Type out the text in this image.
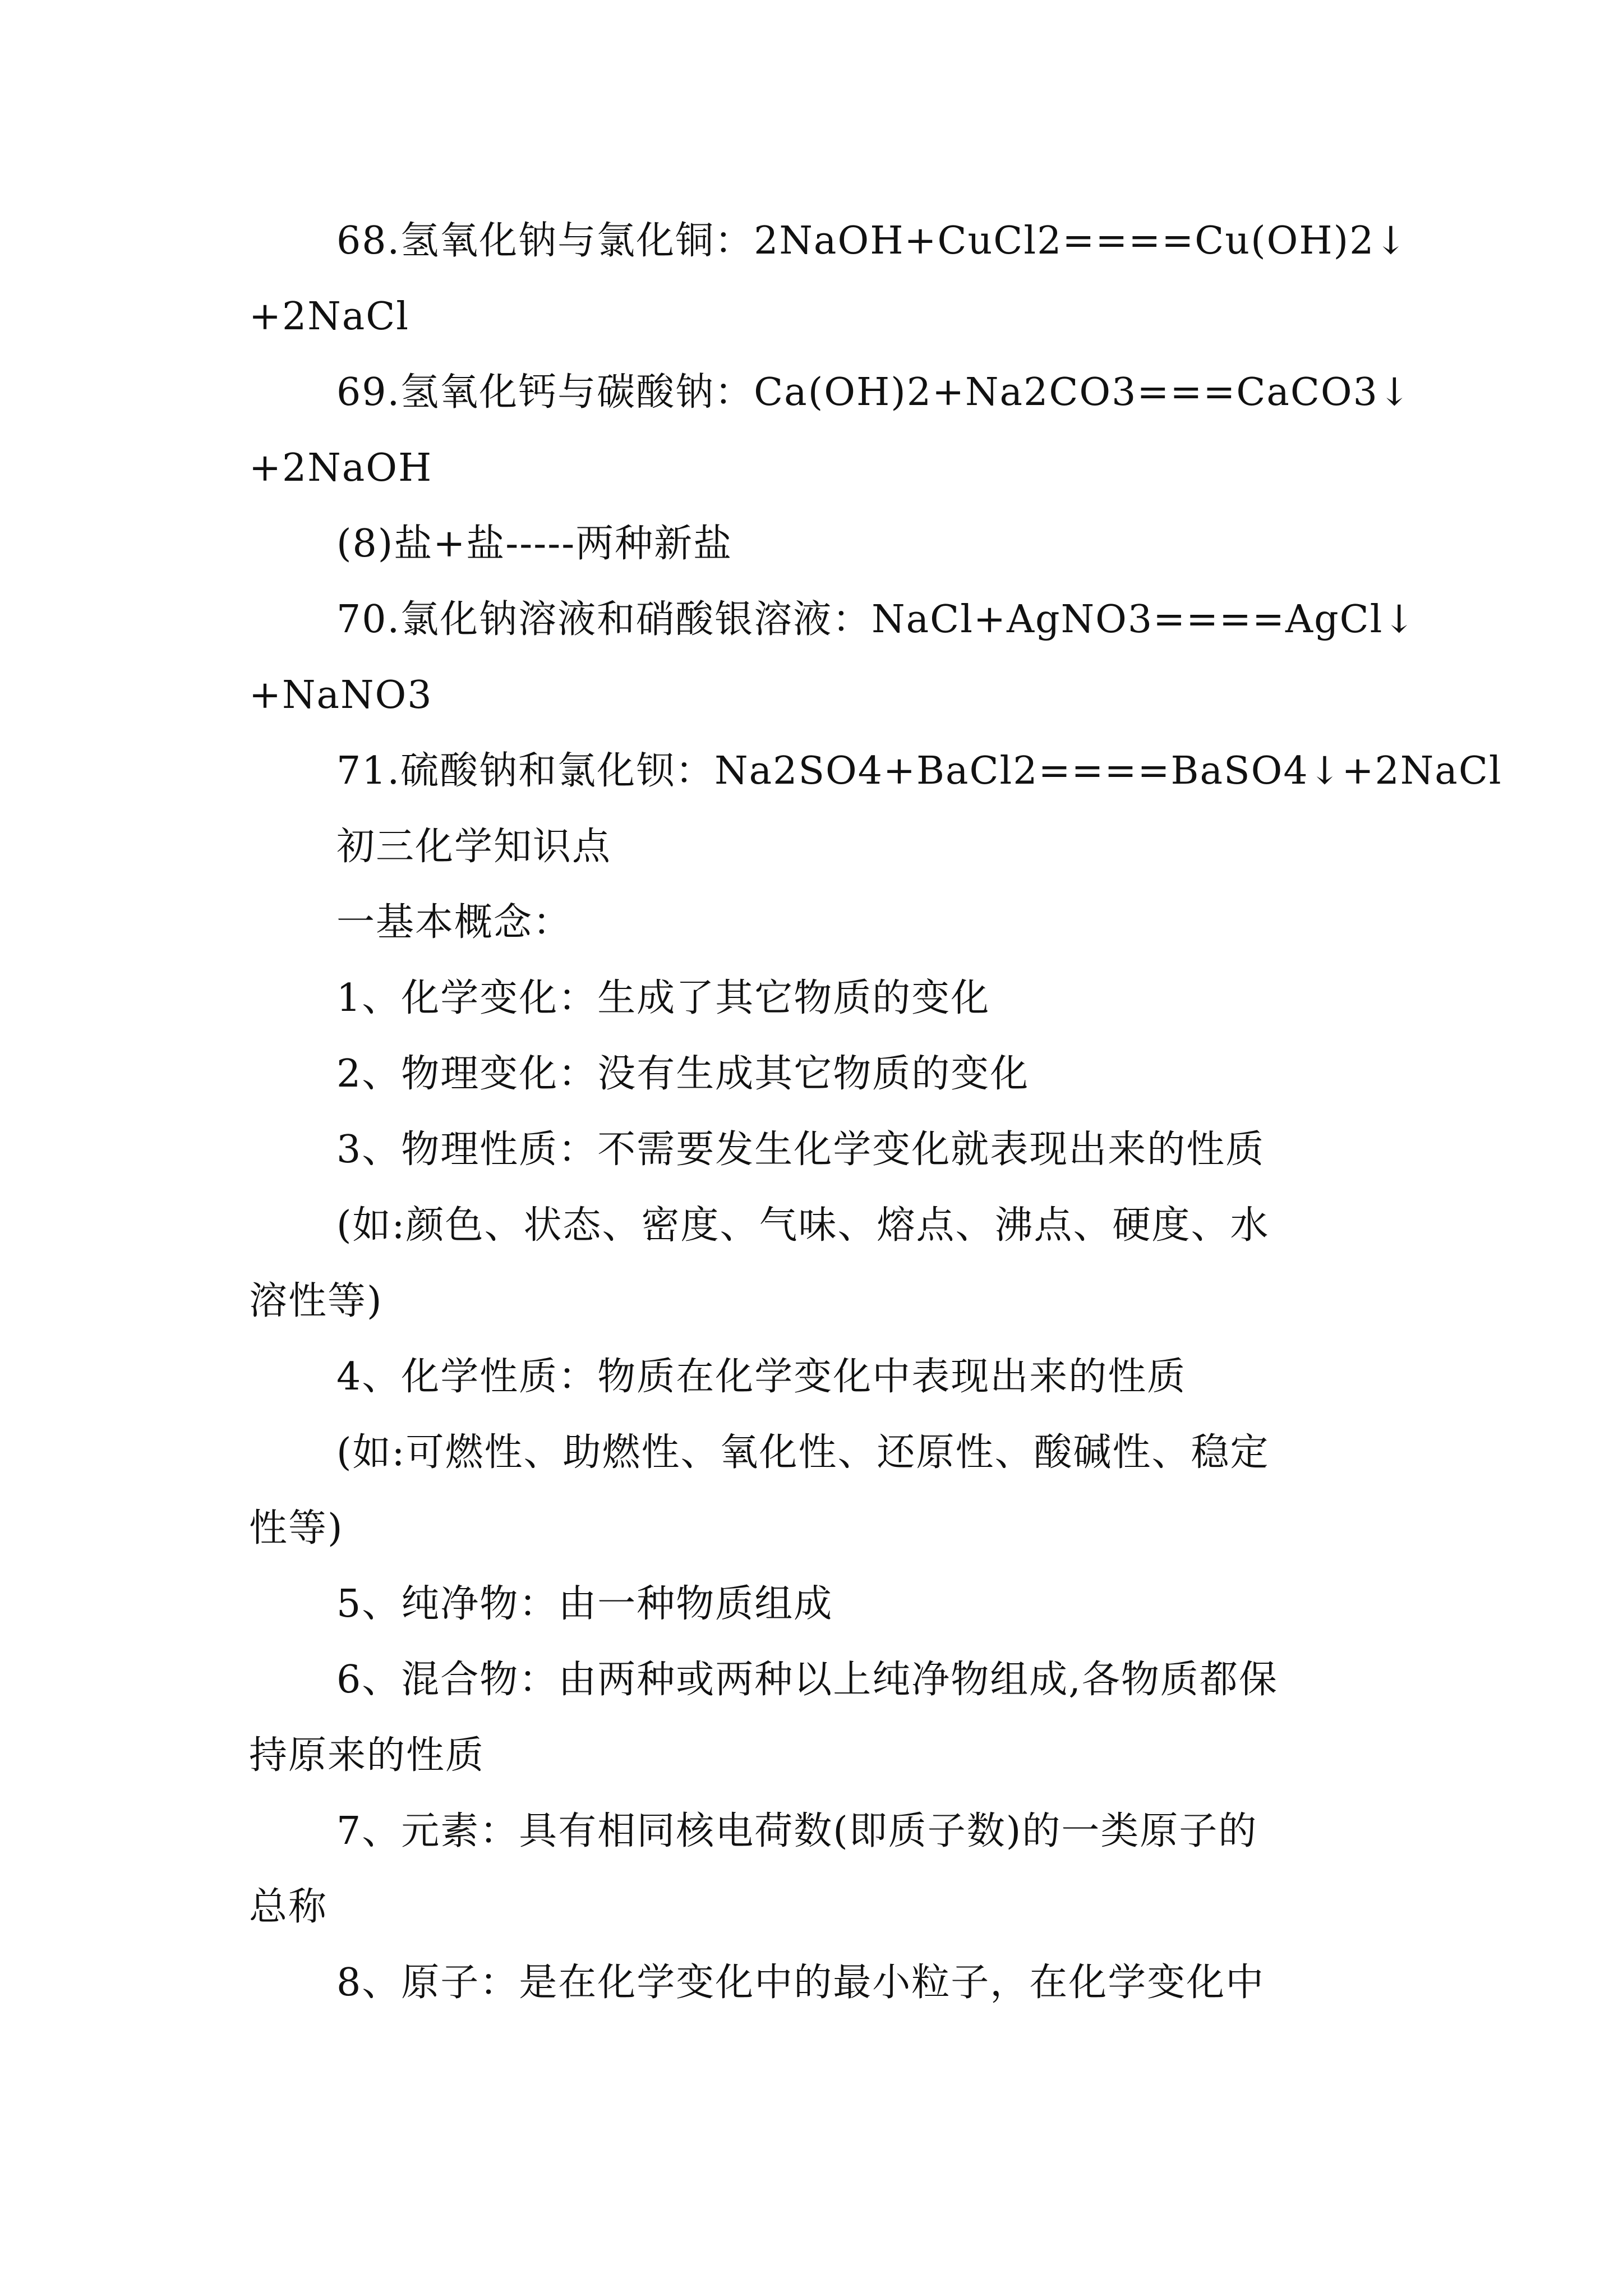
68.氢氧化钠与氯化铜：2NaOH+CuCl2====Cu(OH)2↓
+2NaCl
69.氢氧化钙与碳酸钠：Ca(OH)2+Na2CO3===CaCO3↓
+2NaOH
(8)盐+盐-----两种新盐
70.氯化钠溶液和硝酸银溶液：NaCl+AgNO3====AgCl↓
+NaNO3
71.硫酸钠和氯化钡：Na2SO4+BaCl2====BaSO4↓+2NaCl
初三化学知识点
一基本概念：
1、化学变化：生成了其它物质的变化
2、物理变化：没有生成其它物质的变化
3、物理性质：不需要发生化学变化就表现出来的性质
(如:颜色、状态、密度、气味、熔点、沸点、硬度、水
溶性等)
4、化学性质：物质在化学变化中表现出来的性质
(如:可燃性、助燃性、氧化性、还原性、酸碱性、稳定
性等)
5、纯净物：由一种物质组成
6、混合物：由两种或两种以上纯净物组成,各物质都保
持原来的性质
7、元素：具有相同核电荷数(即质子数)的一类原子的
总称
8、原子：是在化学变化中的最小粒子，在化学变化中
